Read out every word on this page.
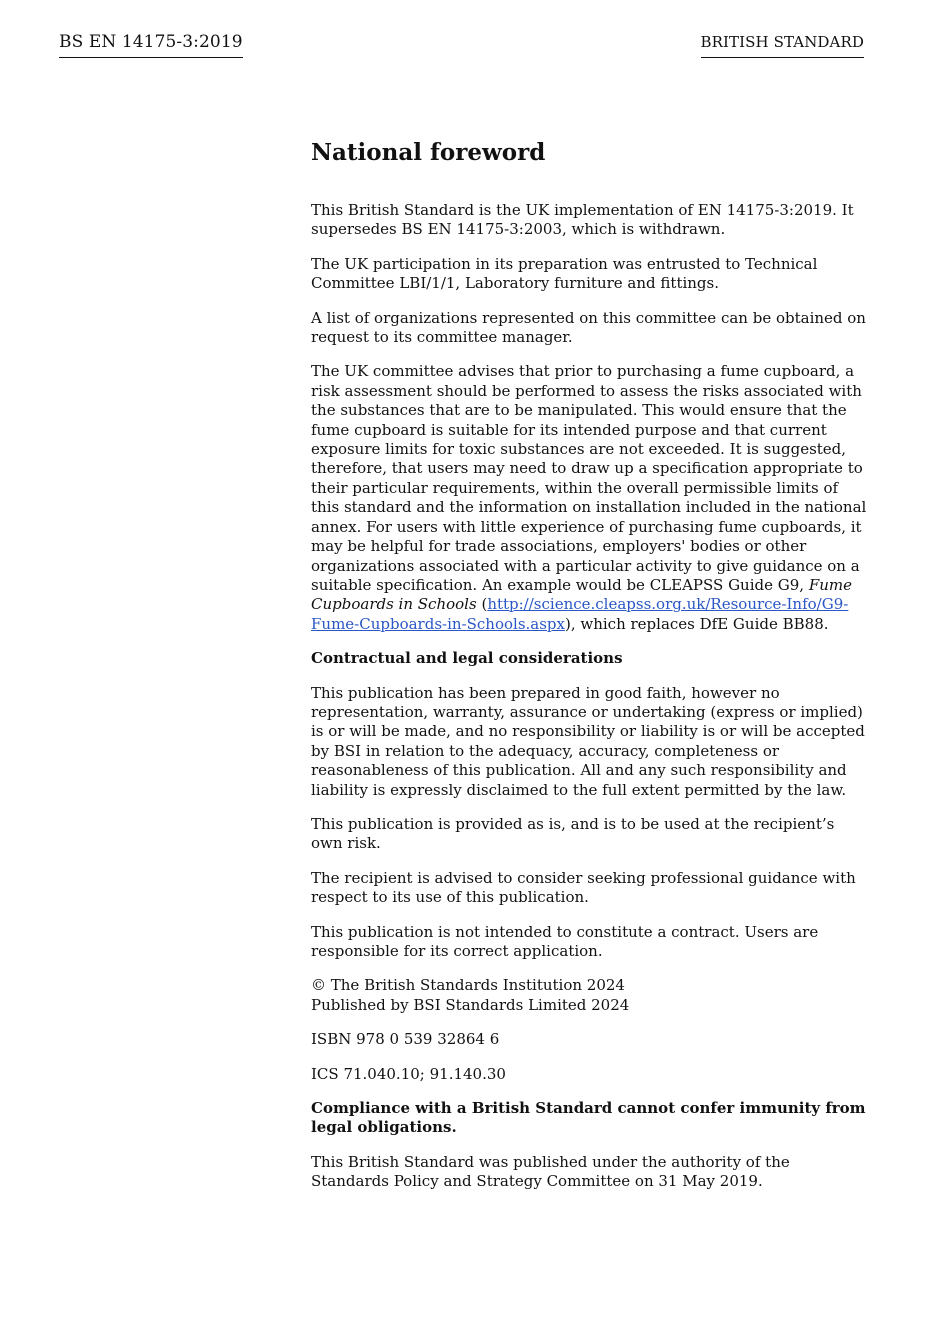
BS EN 14175-3:2019	BRITISH STANDARD
National foreword

This British Standard is the UK implementation of EN 14175-3:2019. It supersedes BS EN 14175-3:2003, which is withdrawn.

The UK participation in its preparation was entrusted to Technical Committee LBI/1/1, Laboratory furniture and fittings.

A list of organizations represented on this committee can be obtained on request to its committee manager.

The UK committee advises that prior to purchasing a fume cupboard, a risk assessment should be performed to assess the risks associated with the substances that are to be manipulated. This would ensure that the fume cupboard is suitable for its intended purpose and that current exposure limits for toxic substances are not exceeded. It is suggested, therefore, that users may need to draw up a specification appropriate to their particular requirements, within the overall permissible limits of this standard and the information on installation included in the national annex. For users with little experience of purchasing fume cupboards, it may be helpful for trade associations, employers' bodies or other organizations associated with a particular activity to give guidance on a suitable specification. An example would be CLEAPSS Guide G9, Fume Cupboards in Schools (http://science.cleapss.org.uk/Resource-Info/G9-Fume-Cupboards-in-Schools.aspx), which replaces DfE Guide BB88.

Contractual and legal considerations

This publication has been prepared in good faith, however no representation, warranty, assurance or undertaking (express or implied) is or will be made, and no responsibility or liability is or will be accepted by BSI in relation to the adequacy, accuracy, completeness or reasonableness of this publication. All and any such responsibility and liability is expressly disclaimed to the full extent permitted by the law.

This publication is provided as is, and is to be used at the recipient’s own risk.

The recipient is advised to consider seeking professional guidance with respect to its use of this publication.

This publication is not intended to constitute a contract. Users are responsible for its correct application.

© The British Standards Institution 2024
Published by BSI Standards Limited 2024

ISBN 978 0 539 32864 6

ICS 71.040.10; 91.140.30

Compliance with a British Standard cannot confer immunity from legal obligations.

This British Standard was published under the authority of the Standards Policy and Strategy Committee on 31 May 2019.
